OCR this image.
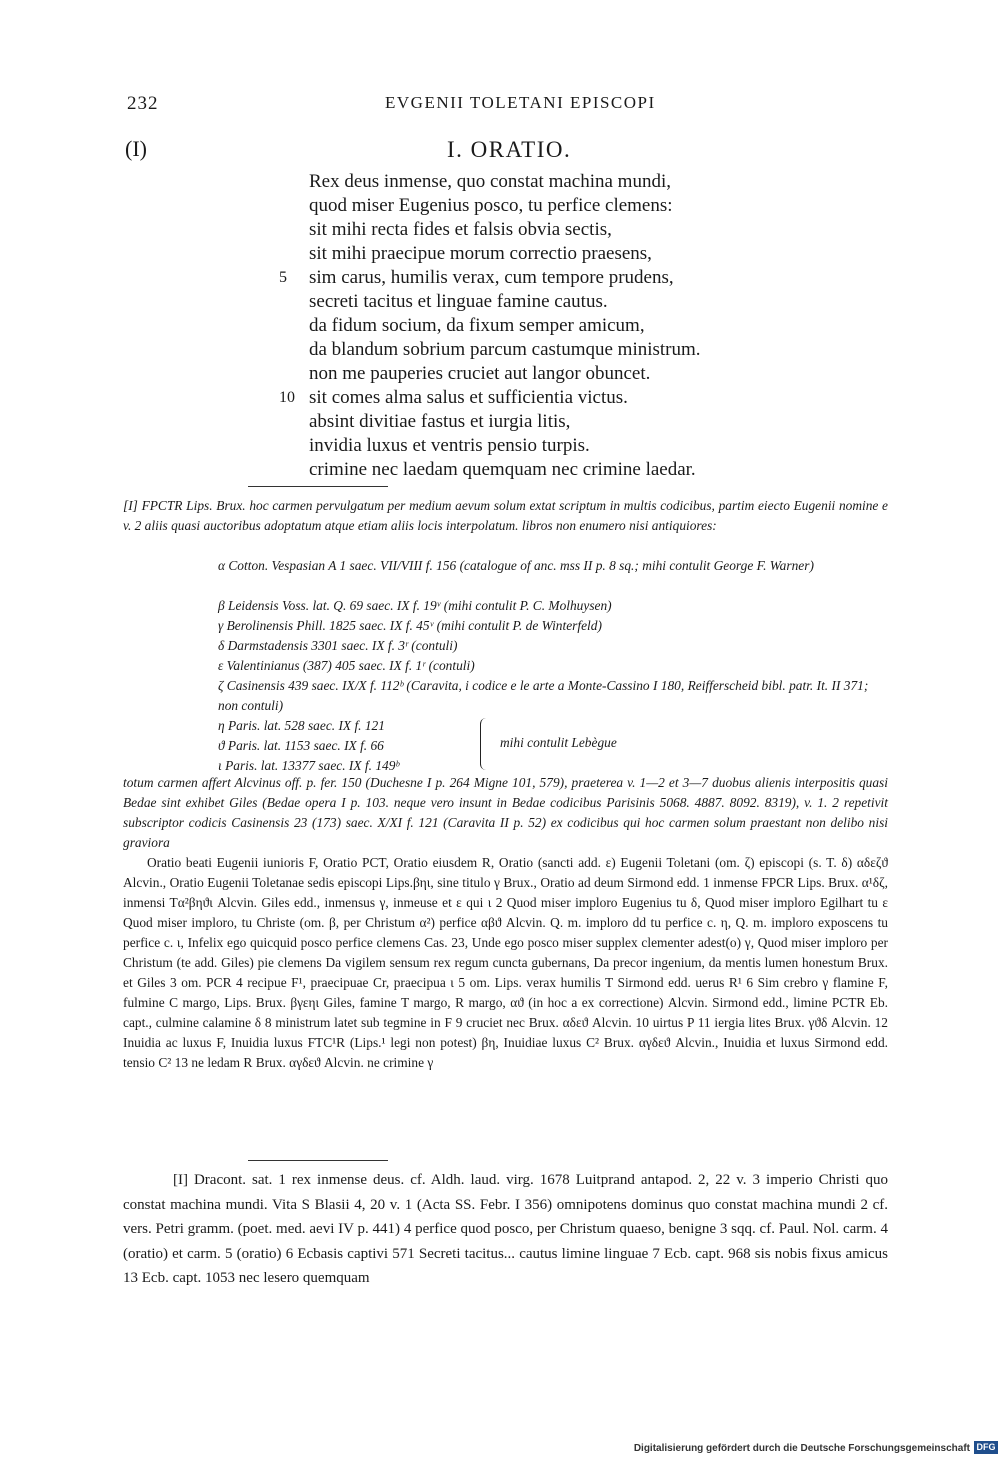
232	EVGENII TOLETANI EPISCOPI
(I)	I. ORATIO.
Rex deus inmense, quo constat machina mundi,
quod miser Eugenius posco, tu perfice clemens:
sit mihi recta fides et falsis obvia sectis,
sit mihi praecipue morum correctio praesens,
5 sim carus, humilis verax, cum tempore prudens,
secreti tacitus et linguae famine cautus.
da fidum socium, da fixum semper amicum,
da blandum sobrium parcum castumque ministrum.
non me pauperies cruciet aut langor obuncet.
10 sit comes alma salus et sufficientia victus.
absint divitiae fastus et iurgia litis,
invidia luxus et ventris pensio turpis.
crimine nec laedam quemquam nec crimine laedar.
[I] FPCTR Lips. Brux. hoc carmen pervulgatum per medium aevum solum extat scriptum in multis codicibus, partim eiecto Eugenii nomine e v. 2 aliis quasi auctoribus adoptatum atque etiam aliis locis interpolatum. libros non enumero nisi antiquiores:
α Cotton. Vespasian A 1 saec. VII/VIII f. 156 (catalogue of anc. mss II p. 8 sq.; mihi contulit George F. Warner)
β Leidensis Voss. lat. Q. 69 saec. IX f. 19ᵛ (mihi contulit P. C. Molhuysen)
γ Berolinensis Phill. 1825 saec. IX f. 45ᵛ (mihi contulit P. de Winterfeld)
δ Darmstadensis 3301 saec. IX f. 3ʳ (contuli)
ε Valentinianus (387) 405 saec. IX f. 1ʳ (contuli)
ζ Casinensis 439 saec. IX/X f. 112ᵇ (Caravita, i codice e le arte a Monte-Cassino I 180, Reifferscheid bibl. patr. It. II 371; non contuli)
η Paris. lat. 528 saec. IX f. 121
ϑ Paris. lat. 1153 saec. IX f. 66
ι Paris. lat. 13377 saec. IX f. 149ᵇ
mihi contulit Lebègue
totum carmen affert Alcvinus off. p. fer. 150 (Duchesne I p. 264 Migne 101, 579), praeterea v. 1—2 et 3—7 duobus alienis interpositis quasi Bedae sint exhibet Giles (Bedae opera I p. 103. neque vero insunt in Bedae codicibus Parisinis 5068. 4887. 8092. 8319), v. 1. 2 repetivit subscriptor codicis Casinensis 23 (173) saec. X/XI f. 121 (Caravita II p. 52) ex codicibus qui hoc carmen solum praestant non delibo nisi graviora
Oratio beati Eugenii iunioris F, Oratio PCT, Oratio eiusdem R, Oratio (sancti add. ε) Eugenii Toletani (om. ζ) episcopi (s. T. δ) αδεζϑ Alcvin., Oratio Eugenii Toletanae sedis episcopi Lips.βηι, sine titulo γ Brux., Oratio ad deum Sirmond edd. 1 inmense FPCR Lips. Brux. α¹δζ, inmensi Tα²βηϑι Alcvin. Giles edd., inmensus γ, inmeuse et ε qui ι 2 Quod miser imploro Eugenius tu δ, Quod miser imploro Egilhart tu ε Quod miser imploro, tu Christe (om. β, per Christum α²) perfice αβϑ Alcvin. Q. m. imploro dd tu perfice c. η, Q. m. imploro exposcens tu perfice c. ι, Infelix ego quicquid posco perfice clemens Cas. 23, Unde ego posco miser supplex clementer adest(o) γ, Quod miser imploro per Christum (te add. Giles) pie clemens Da vigilem sensum rex regum cuncta gubernans, Da precor ingenium, da mentis lumen honestum Brux. et Giles 3 om. PCR 4 recipue F¹, praecipuae Cr, praecipua ι 5 om. Lips. verax humilis T Sirmond edd. uerus R¹ 6 Sim crebro γ flamine F, fulmine C margo, Lips. Brux. βγεηι Giles, famine T margo, R margo, αϑ (in hoc a ex correctione) Alcvin. Sirmond edd., limine PCTR Eb. capt., culmine calamine δ 8 ministrum latet sub tegmine in F 9 cruciet nec Brux. αδεϑ Alcvin. 10 uirtus P 11 iergia lites Brux. γϑδ Alcvin. 12 Inuidia ac luxus F, Inuidia luxus FTC¹R (Lips.¹ legi non potest) βη, Inuidiae luxus C² Brux. αγδεϑ Alcvin., Inuidia et luxus Sirmond edd. tensio C² 13 ne ledam R Brux. αγδεϑ Alcvin. ne crimine γ
[I] Dracont. sat. 1 rex inmense deus. cf. Aldh. laud. virg. 1678 Luitprand antapod. 2, 22 v. 3 imperio Christi quo constat machina mundi. Vita S Blasii 4, 20 v. 1 (Acta SS. Febr. I 356) omnipotens dominus quo constat machina mundi 2 cf. vers. Petri gramm. (poet. med. aevi IV p. 441) 4 perfice quod posco, per Christum quaeso, benigne 3 sqq. cf. Paul. Nol. carm. 4 (oratio) et carm. 5 (oratio) 6 Ecbasis captivi 571 Secreti tacitus... cautus limine linguae 7 Ecb. capt. 968 sis nobis fixus amicus 13 Ecb. capt. 1053 nec lesero quemquam
Digitalisierung gefördert durch die Deutsche Forschungsgemeinschaft DFG
